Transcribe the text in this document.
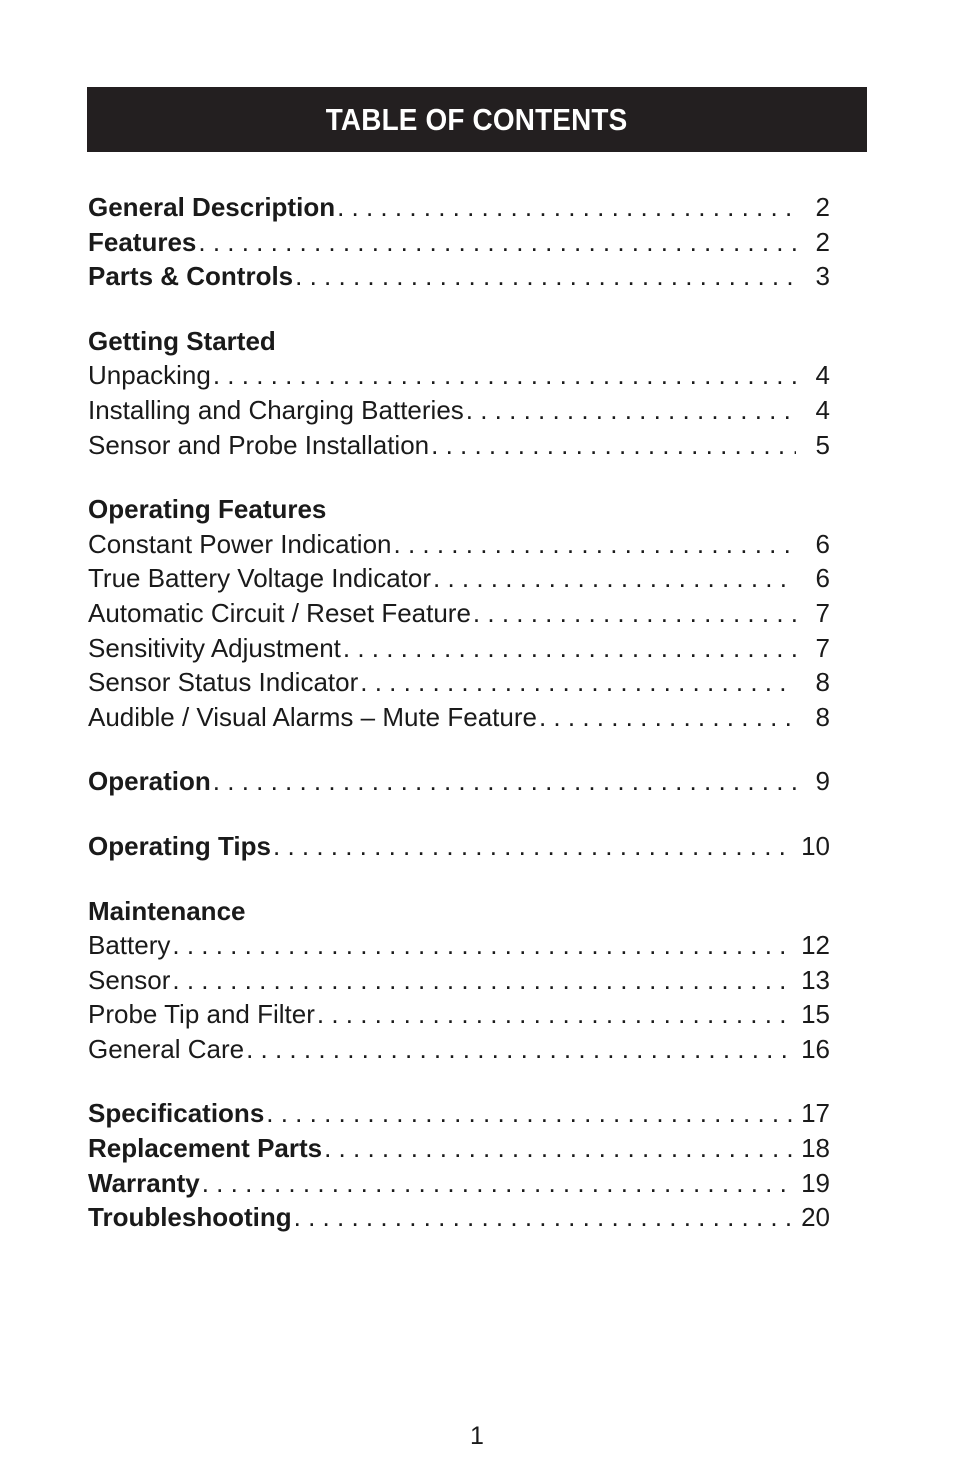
TABLE OF CONTENTS
General Description . . .	2
Features . . .	2
Parts & Controls . . .	3
Getting Started
Unpacking . . .	4
Installing and Charging Batteries . . .	4
Sensor and Probe Installation . . .	5
Operating Features
Constant Power Indication . . .	6
True Battery Voltage Indicator . . .	6
Automatic Circuit / Reset Feature . . .	7
Sensitivity Adjustment . . .	7
Sensor Status Indicator . . .	8
Audible / Visual Alarms – Mute Feature . . .	8
Operation . . .	9
Operating Tips . . .	10
Maintenance
Battery . . .	12
Sensor . . .	13
Probe Tip and Filter . . .	15
General Care . . .	16
Specifications . . .	17
Replacement Parts . . .	18
Warranty . . .	19
Troubleshooting . . .	20
1
